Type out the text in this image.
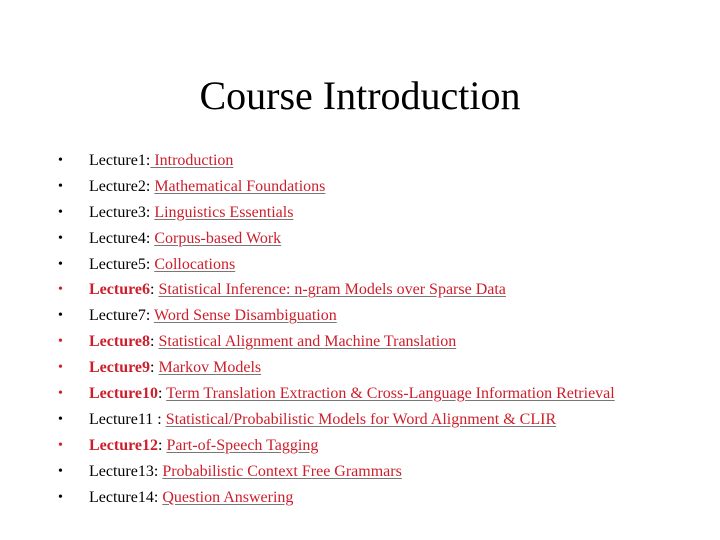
Course Introduction
•	Lecture1: Introduction
•	Lecture2: Mathematical Foundations
•	Lecture3: Linguistics Essentials
•	Lecture4: Corpus-based Work
•	Lecture5: Collocations
•	Lecture6: Statistical Inference: n-gram Models over Sparse Data
•	Lecture7: Word Sense Disambiguation
•	Lecture8: Statistical Alignment and Machine Translation
•	Lecture9: Markov Models
•	Lecture10: Term Translation Extraction & Cross-Language Information Retrieval
•	Lecture11 : Statistical/Probabilistic Models for Word Alignment & CLIR
•	Lecture12: Part-of-Speech Tagging
•	Lecture13: Probabilistic Context Free Grammars
•	Lecture14: Question Answering
